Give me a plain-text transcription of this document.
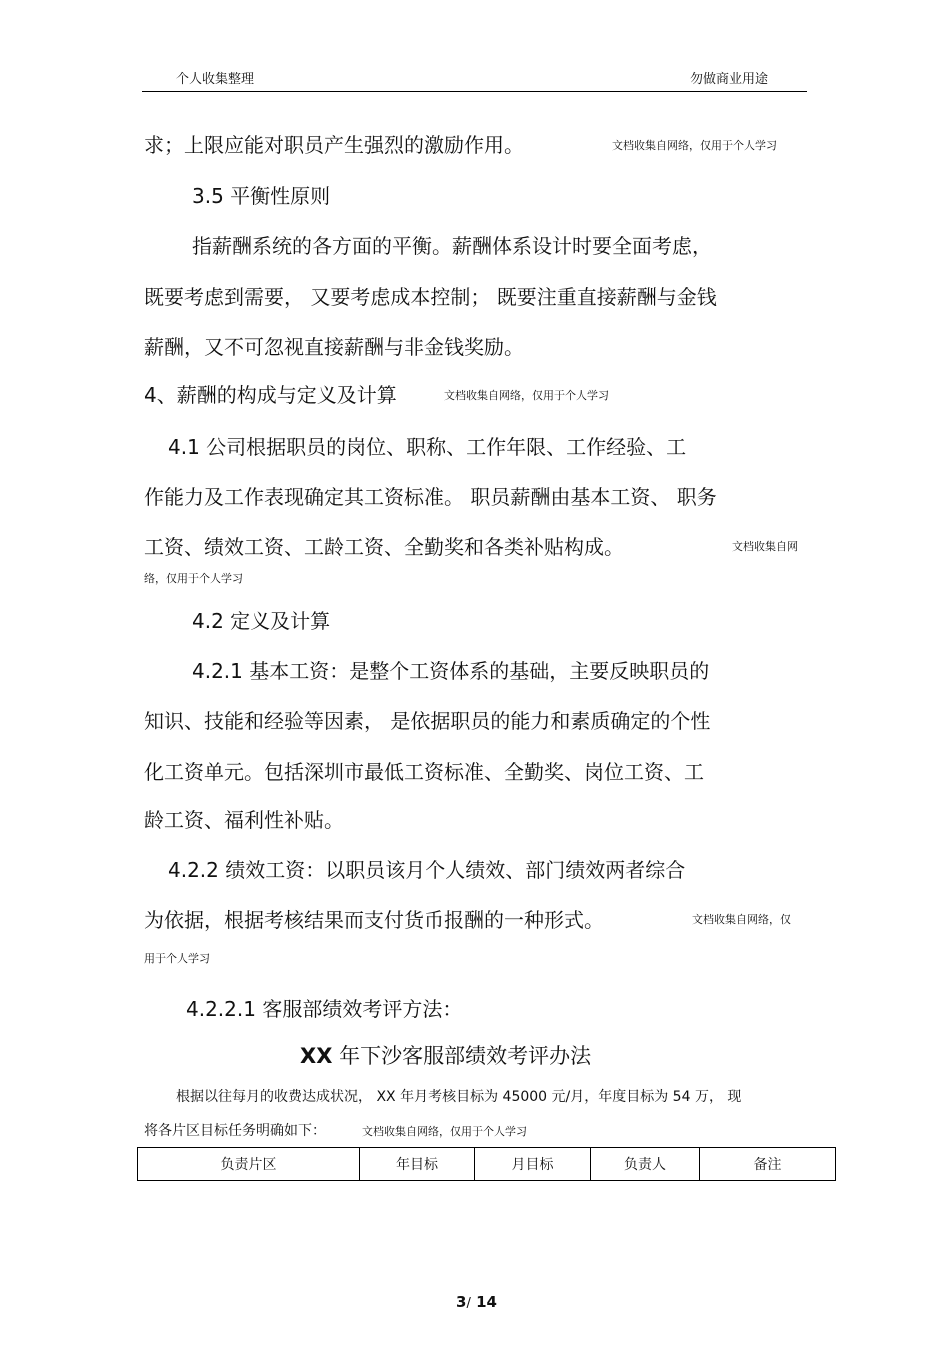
个人收集整理	勿做商业用途
求；上限应能对职员产生强烈的激励作用。	文档收集自网络，仅用于个人学习
3.5 平衡性原则
指薪酬系统的各方面的平衡。薪酬体系设计时要全面考虑，
既要考虑到需要， 又要考虑成本控制； 既要注重直接薪酬与金钱
薪酬，又不可忽视直接薪酬与非金钱奖励。
4、薪酬的构成与定义及计算	文档收集自网络，仅用于个人学习
4.1 公司根据职员的岗位、职称、工作年限、工作经验、工
作能力及工作表现确定其工资标准。 职员薪酬由基本工资、 职务
工资、绩效工资、工龄工资、全勤奖和各类补贴构成。	文档收集自网
络，仅用于个人学习
4.2 定义及计算
4.2.1 基本工资：是整个工资体系的基础，主要反映职员的
知识、技能和经验等因素， 是依据职员的能力和素质确定的个性
化工资单元。包括深圳市最低工资标准、全勤奖、岗位工资、工
龄工资、福利性补贴。
4.2.2 绩效工资：以职员该月个人绩效、部门绩效两者综合
为依据，根据考核结果而支付货币报酬的一种形式。	文档收集自网络，仅
用于个人学习
4.2.2.1 客服部绩效考评方法：
XX 年下沙客服部绩效考评办法
根据以往每月的收费达成状况， XX 年月考核目标为 45000 元/月，年度目标为 54 万， 现
将各片区目标任务明确如下：	文档收集自网络，仅用于个人学习
负责片区	年目标	月目标	负责人	备注
3/ 14
